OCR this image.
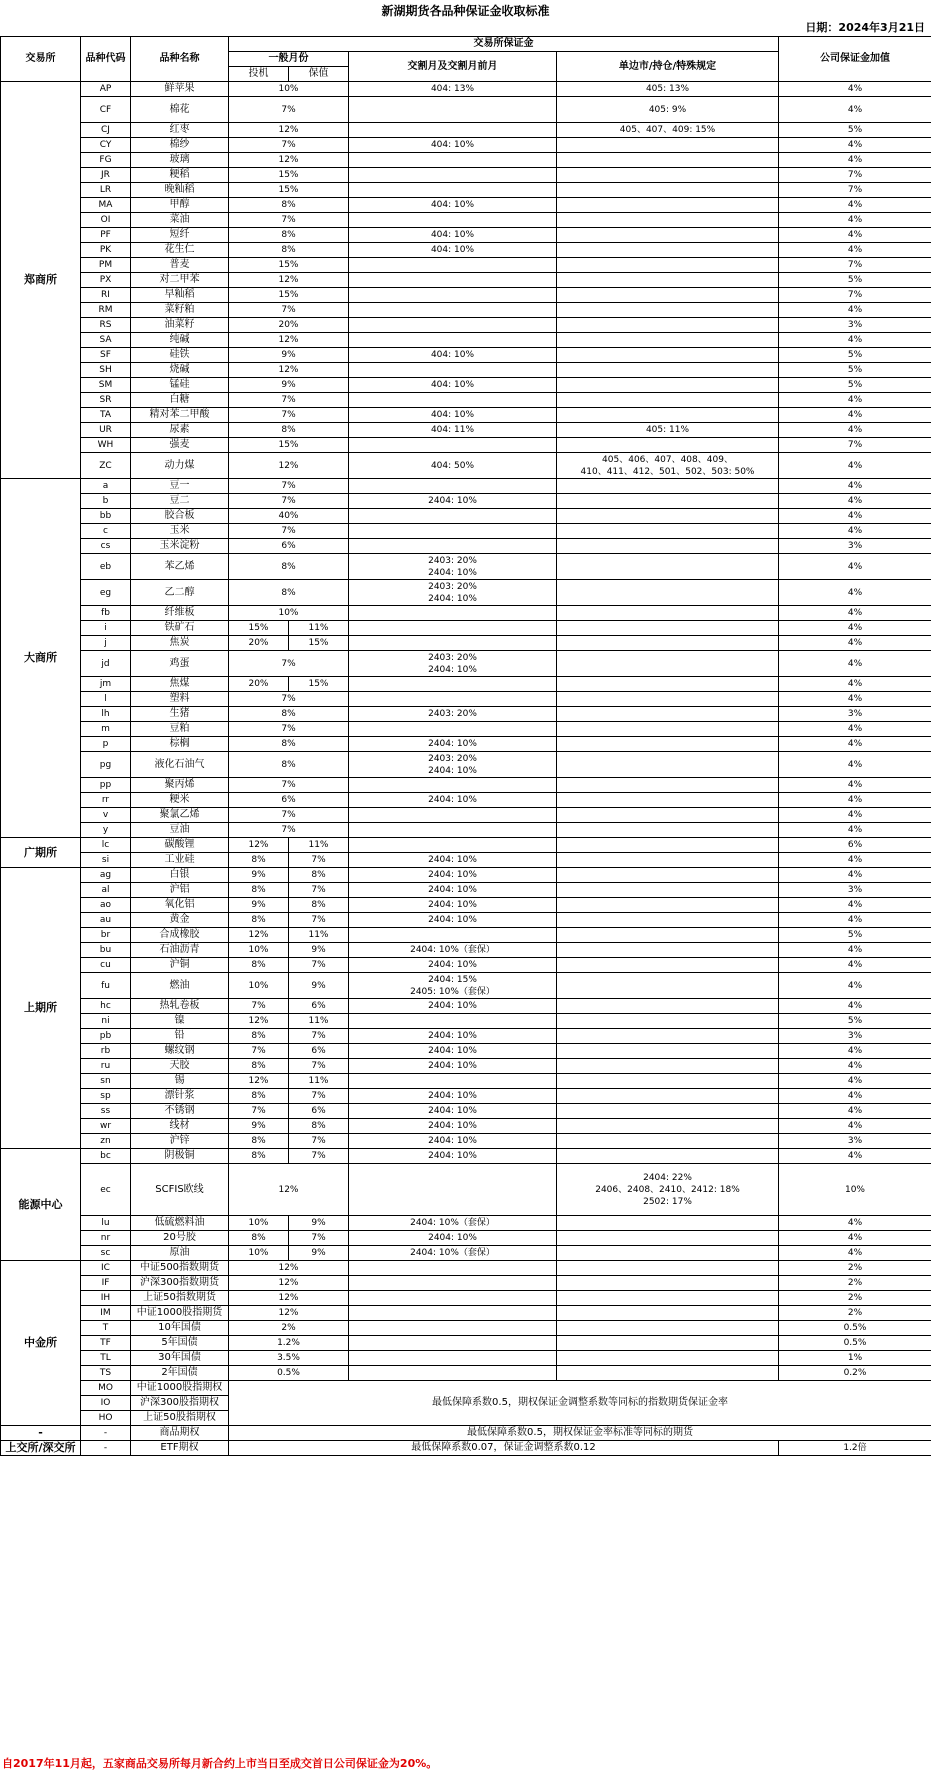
新湖期货各品种保证金收取标准
日期：2024年3月21日
交易所	品种代码	品种名称	交易所保证金				公司保证金加值
			一般月份		交割月及交割月前月	单边市/持仓/特殊规定	
			投机	保值			
郑商所	AP	鲜苹果	10%		404: 13%	405: 13%	4%
	CF	棉花	7%			405: 9%	4%
	CJ	红枣	12%			405、407、409: 15%	5%
	CY	棉纱	7%		404: 10%		4%
	FG	玻璃	12%				4%
	JR	粳稻	15%				7%
	LR	晚籼稻	15%				7%
	MA	甲醇	8%		404: 10%		4%
	OI	菜油	7%				4%
	PF	短纤	8%		404: 10%		4%
	PK	花生仁	8%		404: 10%		4%
	PM	普麦	15%				7%
	PX	对二甲苯	12%				5%
	RI	早籼稻	15%				7%
	RM	菜籽粕	7%				4%
	RS	油菜籽	20%				3%
	SA	纯碱	12%				4%
	SF	硅铁	9%		404: 10%		5%
	SH	烧碱	12%				5%
	SM	锰硅	9%		404: 10%		5%
	SR	白糖	7%				4%
	TA	精对苯二甲酸	7%		404: 10%		4%
	UR	尿素	8%		404: 11%	405: 11%	4%
	WH	强麦	15%				7%
	ZC	动力煤	12%		404: 50%	405、406、407、408、409、
410、411、412、501、502、503: 50%	4%
大商所	a	豆一	7%				4%
	b	豆二	7%		2404: 10%		4%
	bb	胶合板	40%				4%
	c	玉米	7%				4%
	cs	玉米淀粉	6%				3%
	eb	苯乙烯	8%		2403: 20%
2404: 10%		4%
	eg	乙二醇	8%		2403: 20%
2404: 10%		4%
	fb	纤维板	10%				4%
	i	铁矿石	15%	11%			4%
	j	焦炭	20%	15%			4%
	jd	鸡蛋	7%		2403: 20%
2404: 10%		4%
	jm	焦煤	20%	15%			4%
	l	塑料	7%				4%
	lh	生猪	8%		2403: 20%		3%
	m	豆粕	7%				4%
	p	棕榈	8%		2404: 10%		4%
	pg	液化石油气	8%		2403: 20%
2404: 10%		4%
	pp	聚丙烯	7%				4%
	rr	粳米	6%		2404: 10%		4%
	v	聚氯乙烯	7%				4%
	y	豆油	7%				4%
广期所	lc	碳酸锂	12%	11%			6%
	si	工业硅	8%	7%	2404: 10%		4%
上期所	ag	白银	9%	8%	2404: 10%		4%
	al	沪铝	8%	7%	2404: 10%		3%
	ao	氧化铝	9%	8%	2404: 10%		4%
	au	黄金	8%	7%	2404: 10%		4%
	br	合成橡胶	12%	11%			5%
	bu	石油沥青	10%	9%	2404: 10%（套保）		4%
	cu	沪铜	8%	7%	2404: 10%		4%
	fu	燃油	10%	9%	2404: 15%
2405: 10%（套保）		4%
	hc	热轧卷板	7%	6%	2404: 10%		4%
	ni	镍	12%	11%			5%
	pb	铅	8%	7%	2404: 10%		3%
	rb	螺纹钢	7%	6%	2404: 10%		4%
	ru	天胶	8%	7%	2404: 10%		4%
	sn	锡	12%	11%			4%
	sp	漂针浆	8%	7%	2404: 10%		4%
	ss	不锈钢	7%	6%	2404: 10%		4%
	wr	线材	9%	8%	2404: 10%		4%
	zn	沪锌	8%	7%	2404: 10%		3%
能源中心	bc	阴极铜	8%	7%	2404: 10%		4%
	ec	SCFIS欧线	12%			2404: 22%
2406、2408、2410、2412: 18%
2502: 17%	10%
	lu	低硫燃料油	10%	9%	2404: 10%（套保）		4%
	nr	20号胶	8%	7%	2404: 10%		4%
	sc	原油	10%	9%	2404: 10%（套保）		4%
中金所	IC	中证500指数期货	12%				2%
	IF	沪深300指数期货	12%				2%
	IH	上证50指数期货	12%				2%
	IM	中证1000股指期货	12%				2%
	T	10年国债	2%				0.5%
	TF	5年国债	1.2%				0.5%
	TL	30年国债	3.5%				1%
	TS	2年国债	0.5%				0.2%
	MO	中证1000股指期权	最低保障系数0.5，期权保证金调整系数等同标的指数期货保证金率				
	IO	沪深300股指期权					
	HO	上证50股指期权					
-	-	商品期权	最低保障系数0.5，期权保证金率标准等同标的期货				
上交所/深交所	-	ETF期权	最低保障系数0.07，保证金调整系数0.12				1.2倍
自2017年11月起，五家商品交易所每月新合约上市当日至成交首日公司保证金为20%。
